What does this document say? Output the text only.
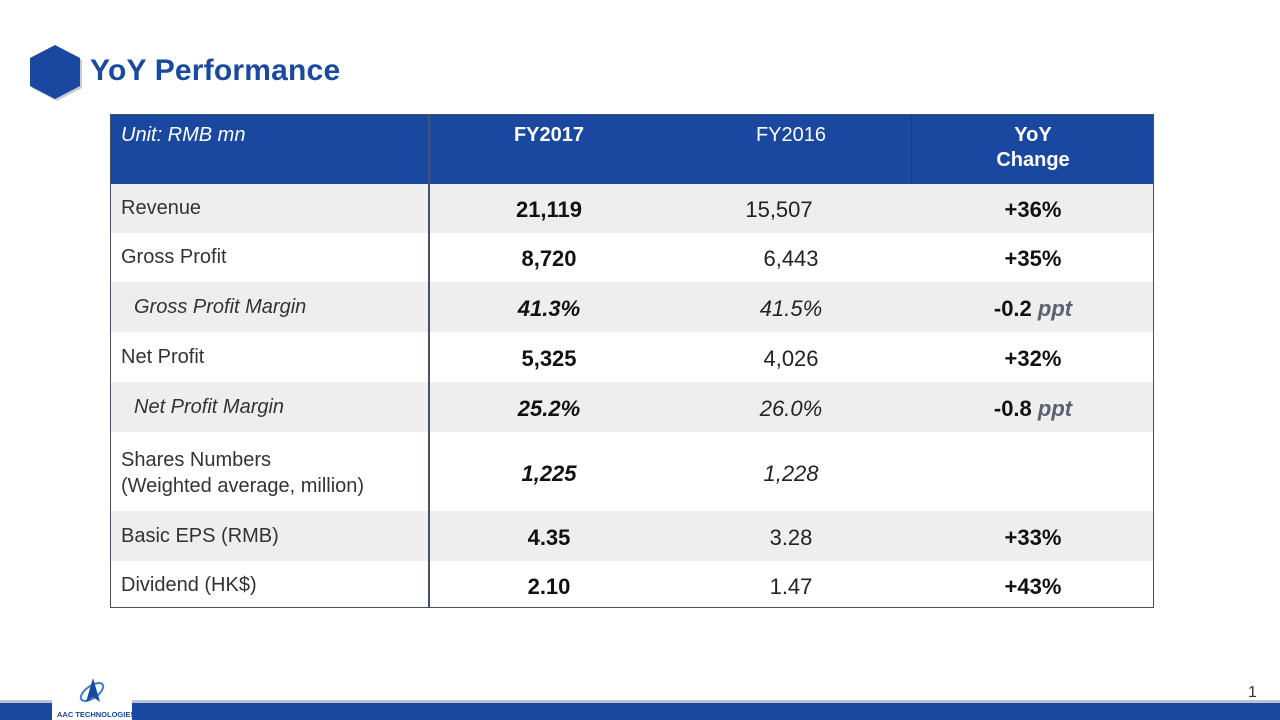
YoY Performance
Unit: RMB mn	FY2017	FY2016	YoY
Change
Revenue	21,119	15,507	+36%
Gross Profit	8,720	6,443	+35%
Gross Profit Margin	41.3%	41.5%	-0.2 ppt
Net Profit	5,325	4,026	+32%
Net Profit Margin	25.2%	26.0%	-0.8 ppt
Shares Numbers
(Weighted average, million)	1,225	1,228
Basic EPS (RMB)	4.35	3.28	+33%
Dividend (HK$)	2.10	1.47	+43%
AAC TECHNOLOGIES
1
